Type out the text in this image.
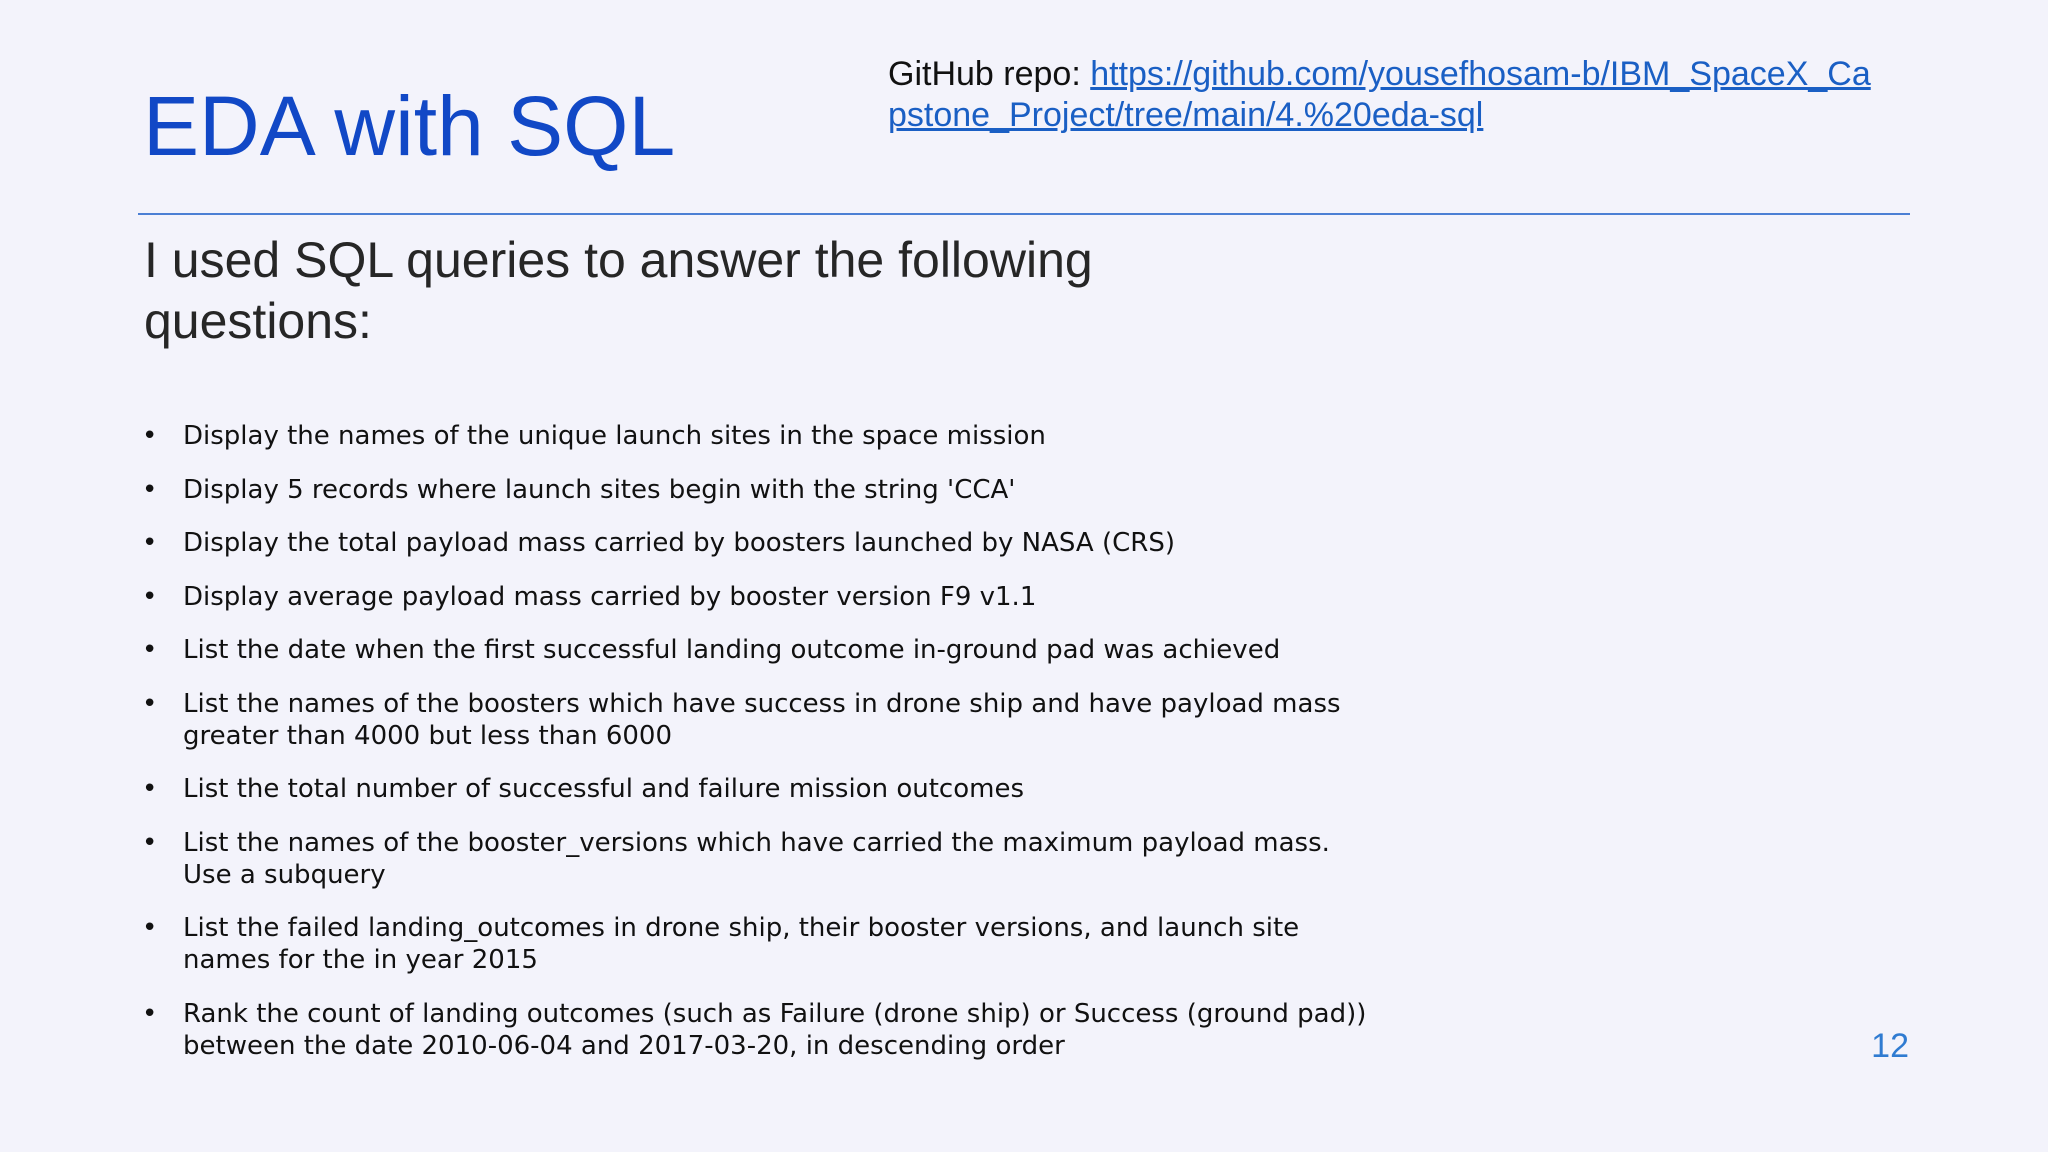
EDA with SQL
GitHub repo: https://github.com/yousefhosam-b/IBM_SpaceX_Capstone_Project/tree/main/4.%20eda-sql
I used SQL queries to answer the following questions:
• Display the names of the unique launch sites in the space mission
• Display 5 records where launch sites begin with the string 'CCA'
• Display the total payload mass carried by boosters launched by NASA (CRS)
• Display average payload mass carried by booster version F9 v1.1
• List the date when the first successful landing outcome in-ground pad was achieved
• List the names of the boosters which have success in drone ship and have payload mass greater than 4000 but less than 6000
• List the total number of successful and failure mission outcomes
• List the names of the booster_versions which have carried the maximum payload mass. Use a subquery
• List the failed landing_outcomes in drone ship, their booster versions, and launch site names for the in year 2015
• Rank the count of landing outcomes (such as Failure (drone ship) or Success (ground pad)) between the date 2010-06-04 and 2017-03-20, in descending order	12
